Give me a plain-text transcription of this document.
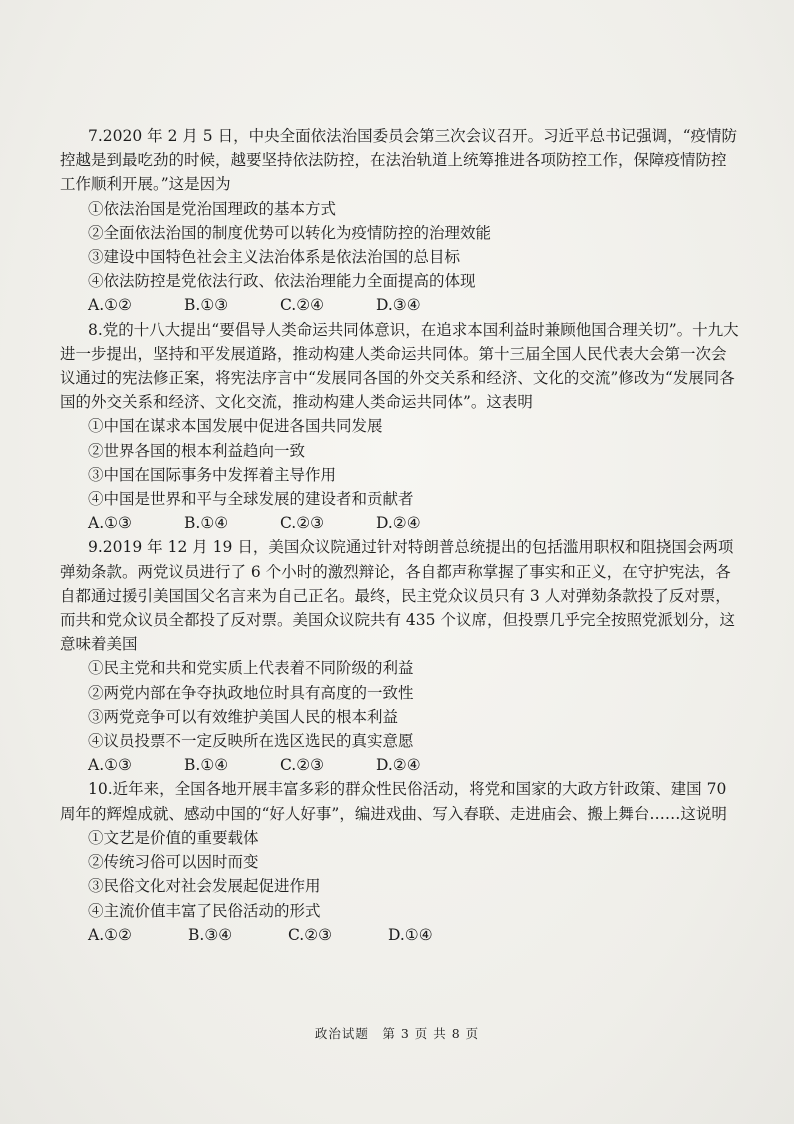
7.2020 年 2 月 5 日，中央全面依法治国委员会第三次会议召开。习近平总书记强调，“疫情防控越是到最吃劲的时候，越要坚持依法防控，在法治轨道上统筹推进各项防控工作，保障疫情防控工作顺利开展。”这是因为

①依法治国是党治国理政的基本方式

②全面依法治国的制度优势可以转化为疫情防控的治理效能

③建设中国特色社会主义法治体系是依法治国的总目标

④依法防控是党依法行政、依法治理能力全面提高的体现

A.①②	B.①③	C.②④	D.③④

8.党的十八大提出“要倡导人类命运共同体意识，在追求本国利益时兼顾他国合理关切”。十九大进一步提出，坚持和平发展道路，推动构建人类命运共同体。第十三届全国人民代表大会第一次会议通过的宪法修正案，将宪法序言中“发展同各国的外交关系和经济、文化的交流”修改为“发展同各国的外交关系和经济、文化交流，推动构建人类命运共同体”。这表明

①中国在谋求本国发展中促进各国共同发展

②世界各国的根本利益趋向一致

③中国在国际事务中发挥着主导作用

④中国是世界和平与全球发展的建设者和贡献者

A.①③	B.①④	C.②③	D.②④

9.2019 年 12 月 19 日，美国众议院通过针对特朗普总统提出的包括滥用职权和阻挠国会两项弹劾条款。两党议员进行了 6 个小时的激烈辩论，各自都声称掌握了事实和正义，在守护宪法，各自都通过援引美国国父名言来为自己正名。最终，民主党众议员只有 3 人对弹劾条款投了反对票，而共和党众议员全都投了反对票。美国众议院共有 435 个议席，但投票几乎完全按照党派划分，这意味着美国

①民主党和共和党实质上代表着不同阶级的利益

②两党内部在争夺执政地位时具有高度的一致性

③两党竞争可以有效维护美国人民的根本利益

④议员投票不一定反映所在选区选民的真实意愿

A.①③	B.①④	C.②③	D.②④

10.近年来，全国各地开展丰富多彩的群众性民俗活动，将党和国家的大政方针政策、建国 70 周年的辉煌成就、感动中国的“好人好事”，编进戏曲、写入春联、走进庙会、搬上舞台……这说明

①文艺是价值的重要载体

②传统习俗可以因时而变

③民俗文化对社会发展起促进作用

④主流价值丰富了民俗活动的形式

A.①②	B.③④	C.②③	D.①④
政治试题　第 3 页 共 8 页
